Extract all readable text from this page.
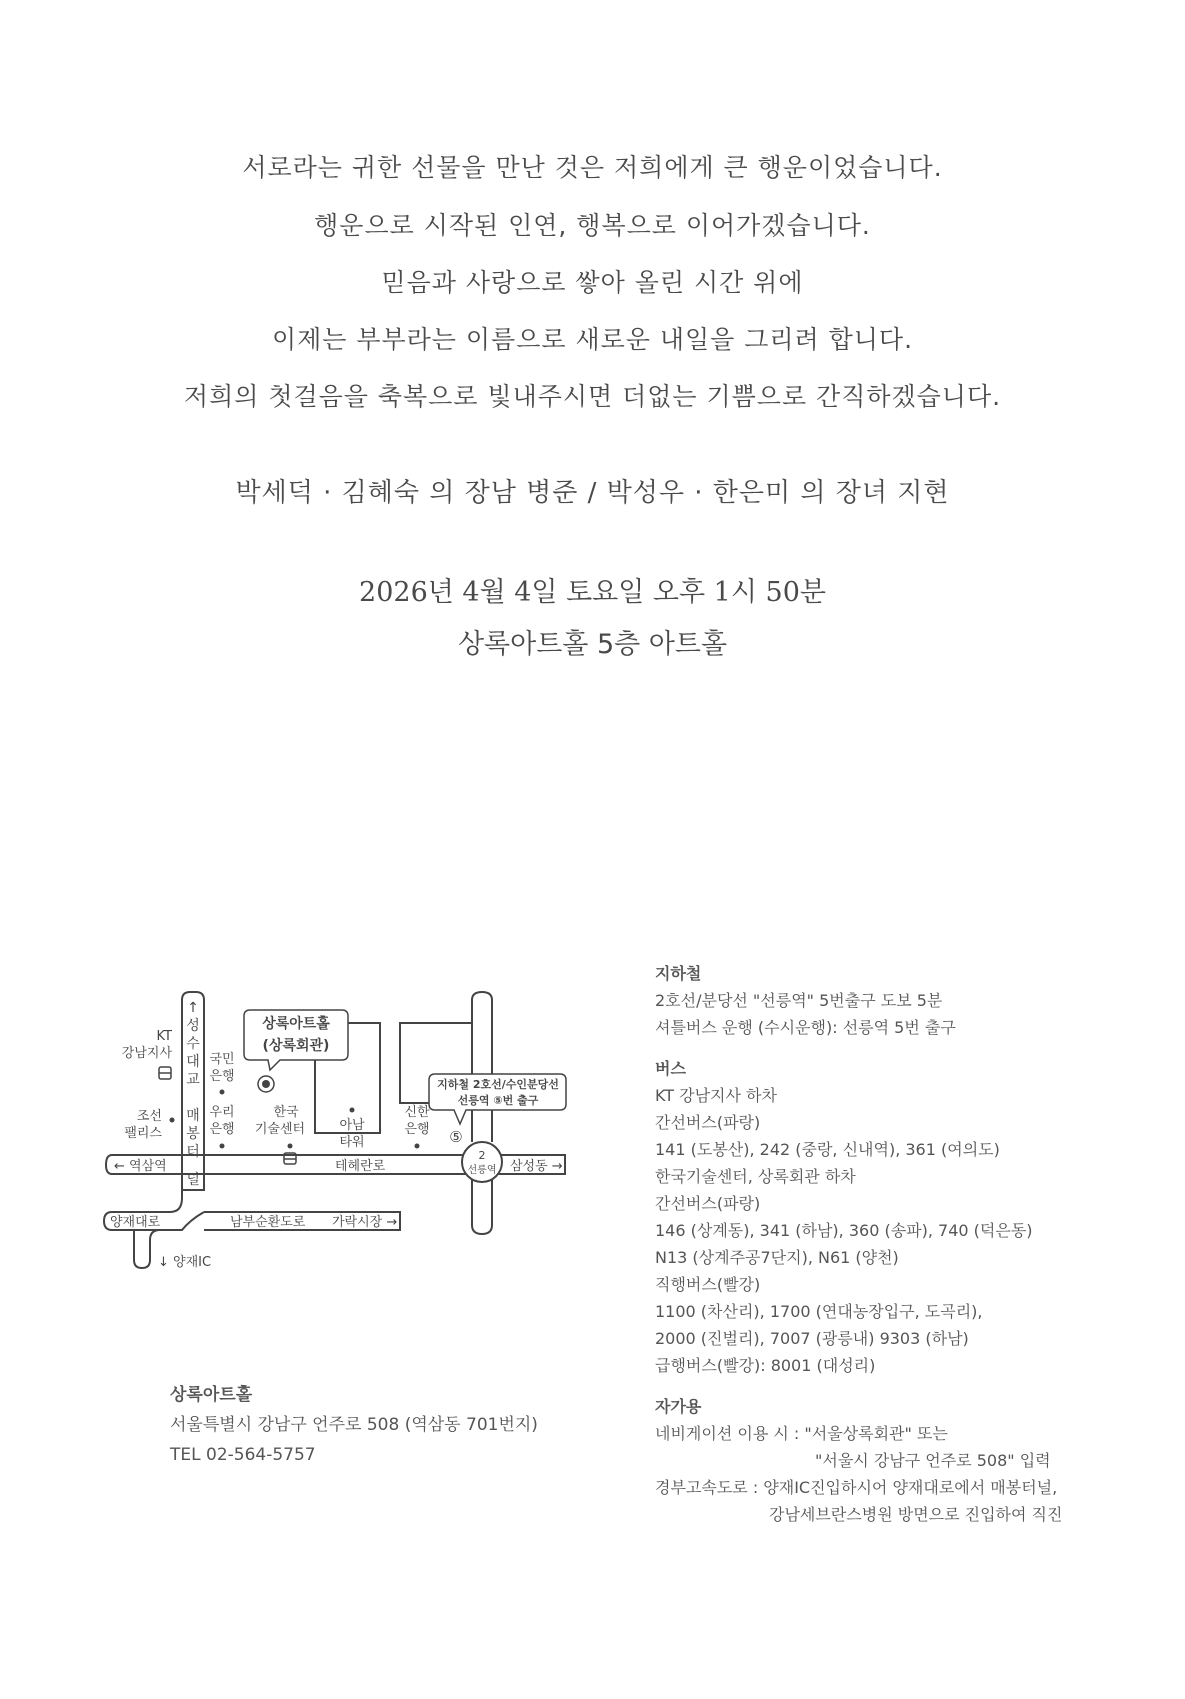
서로라는 귀한 선물을 만난 것은 저희에게 큰 행운이었습니다.
행운으로 시작된 인연, 행복으로 이어가겠습니다.
믿음과 사랑으로 쌓아 올린 시간 위에
이제는 부부라는 이름으로 새로운 내일을 그리려 합니다.
저희의 첫걸음을 축복으로 빛내주시면 더없는 기쁨으로 간직하겠습니다.
박세덕 · 김혜숙 의 장남 병준 / 박성우 · 한은미 의 장녀 지현
2026년 4월 4일 토요일 오후 1시 50분
상록아트홀 5층 아트홀
↑
성
수
대
교
매
봉
터
널
KT
강남지사
조선
팰리스
국민
은행
우리
은행
상록아트홀
(상록회관)
한국
기술센터	아남
타워
신한
은행
지하철 2호선/수인분당선
선릉역 ⑤번 출구
⑤
2
선릉역
← 역삼역	테헤란로	삼성동 →
양재대로	남부순환도로 가락시장 →
↓ 양재IC
상록아트홀
서울특별시 강남구 언주로 508 (역삼동 701번지)
TEL 02-564-5757
지하철
2호선/분당선 "선릉역" 5번출구 도보 5분
셔틀버스 운행 (수시운행): 선릉역 5번 출구
버스
KT 강남지사 하차
간선버스(파랑)
141 (도봉산), 242 (중랑, 신내역), 361 (여의도)
한국기술센터, 상록회관 하차
간선버스(파랑)
146 (상계동), 341 (하남), 360 (송파), 740 (덕은동)
N13 (상계주공7단지), N61 (양천)
직행버스(빨강)
1100 (차산리), 1700 (연대농장입구, 도곡리),
2000 (진벌리), 7007 (광릉내) 9303 (하남)
급행버스(빨강): 8001 (대성리)
자가용
네비게이션 이용 시 : "서울상록회관" 또는
"서울시 강남구 언주로 508" 입력
경부고속도로 : 양재IC진입하시어 양재대로에서 매봉터널,
강남세브란스병원 방면으로 진입하여 직진
